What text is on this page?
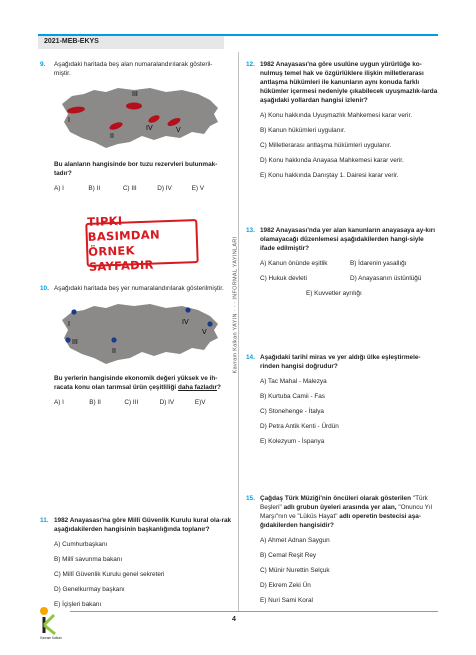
2021-MEB-EKYS
Kavram Kalkan YAYIN · · · INFORMAL YAYINLARI
9. Aşağıdaki haritada beş alan numaralandırılarak gösteril-miştir.
I
II
III
IV	V
Bu alanların hangisinde bor tuzu rezervleri bulunmak-tadır?
A) I	B) II	C) III	D) IV	E) V
TIPKI BASIMDAN
ÖRNEK SAYFADIR
10. Aşağıdaki haritada beş yer numaralandırılarak gösterilmiştir.
I
II
III
IV
V
Bu yerlerin hangisinde ekonomik değeri yüksek ve ih-racata konu olan tarımsal ürün çeşitliliği daha fazladır?
A) I	B) II	C) III	D) IV	E)V
11. 1982 Anayasası'na göre Millî Güvenlik Kurulu kural ola-rak aşağıdakilerden hangisinin başkanlığında toplanır?
A) Cumhurbaşkanı
B) Millî savunma bakanı
C) Millî Güvenlik Kurulu genel sekreteri
D) Genelkurmay başkanı
E) İçişleri bakanı
12. 1982 Anayasası'na göre usulüne uygun yürürlüğe ko-nulmuş temel hak ve özgürlüklere ilişkin milletlerarası antlaşma hükümleri ile kanunların aynı konuda farklı hükümler içermesi nedeniyle çıkabilecek uyuşmazlık-larda aşağıdaki yollardan hangisi izlenir?
A) Konu hakkında Uyuşmazlık Mahkemesi karar verir.
B) Kanun hükümleri uygulanır.
C) Milletlerarası antlaşma hükümleri uygulanır.
D) Konu hakkında Anayasa Mahkemesi karar verir.
E) Konu hakkında Danıştay 1. Dairesi karar verir.
13. 1982 Anayasası'nda yer alan kanunların anayasaya ay-kırı olamayacağı düzenlemesi aşağıdakilerden hangi-siyle ifade edilmiştir?
A) Kanun önünde eşitlik	B) İdarenin yasallığı
C) Hukuk devleti	D) Anayasanın üstünlüğü
E) Kuvvetler ayrılığı
14. Aşağıdaki tarihî miras ve yer aldığı ülke eşleştirmele-rinden hangisi doğrudur?
A) Tac Mahal - Malezya
B) Kurtuba Camii - Fas
C) Stonehenge - İtalya
D) Petra Antik Kenti - Ürdün
E) Kolezyum - İspanya
15. Çağdaş Türk Müziği'nin öncüleri olarak gösterilen "Türk Beşleri" adlı grubun üyeleri arasında yer alan, "Onuncu Yıl Marşı"nın ve "Lüküs Hayat" adlı operetin bestecisi aşa-ğıdakilerden hangisidir?
A) Ahmet Adnan Saygun
B) Cemal Reşit Rey
C) Münir Nurettin Selçuk
D) Ekrem Zeki Ün
E) Nuri Sami Koral
Kavram Kalkan
4
